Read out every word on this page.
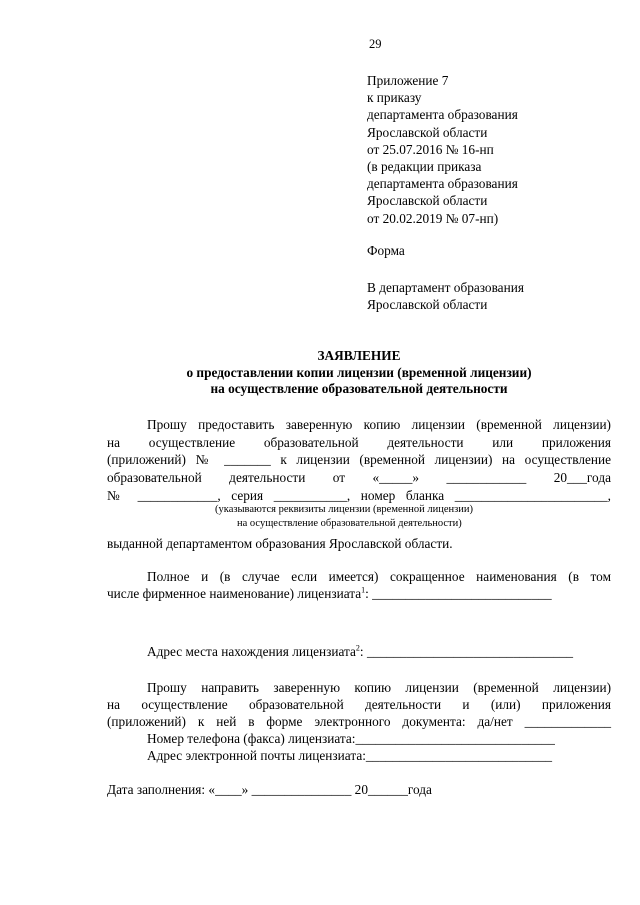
29
Приложение 7
к приказу
департамента образования
Ярославской области
от 25.07.2016 № 16-нп
(в редакции приказа
департамента образования
Ярославской области
от 20.02.2019 № 07-нп)
Форма
В департамент образования
Ярославской области
ЗАЯВЛЕНИЕ
о предоставлении копии лицензии (временной лицензии)
на осуществление образовательной деятельности
Прошу предоставить заверенную копию лицензии (временной лицензии)
на осуществление образовательной деятельности или приложения
(приложений) № _______ к лицензии (временной лицензии) на осуществление
образовательной деятельности от «_____» ____________ 20___года
№ ____________, серия ___________, номер бланка _______________________,
(указываются реквизиты лицензии (временной лицензии)
на осуществление образовательной деятельности)
выданной департаментом образования Ярославской области.
Полное и (в случае если имеется) сокращенное наименования (в том
числе фирменное наименование) лицензиата$^1$: ___________________________
Адрес места нахождения лицензиата$^2$: _______________________________
Прошу направить заверенную копию лицензии (временной лицензии)
на осуществление образовательной деятельности и (или) приложения
(приложений) к ней в форме электронного документа: да/нет _____________
Номер телефона (факса) лицензиата:______________________________
Адрес электронной почты лицензиата:____________________________
Дата заполнения: «____» _______________ 20______года
